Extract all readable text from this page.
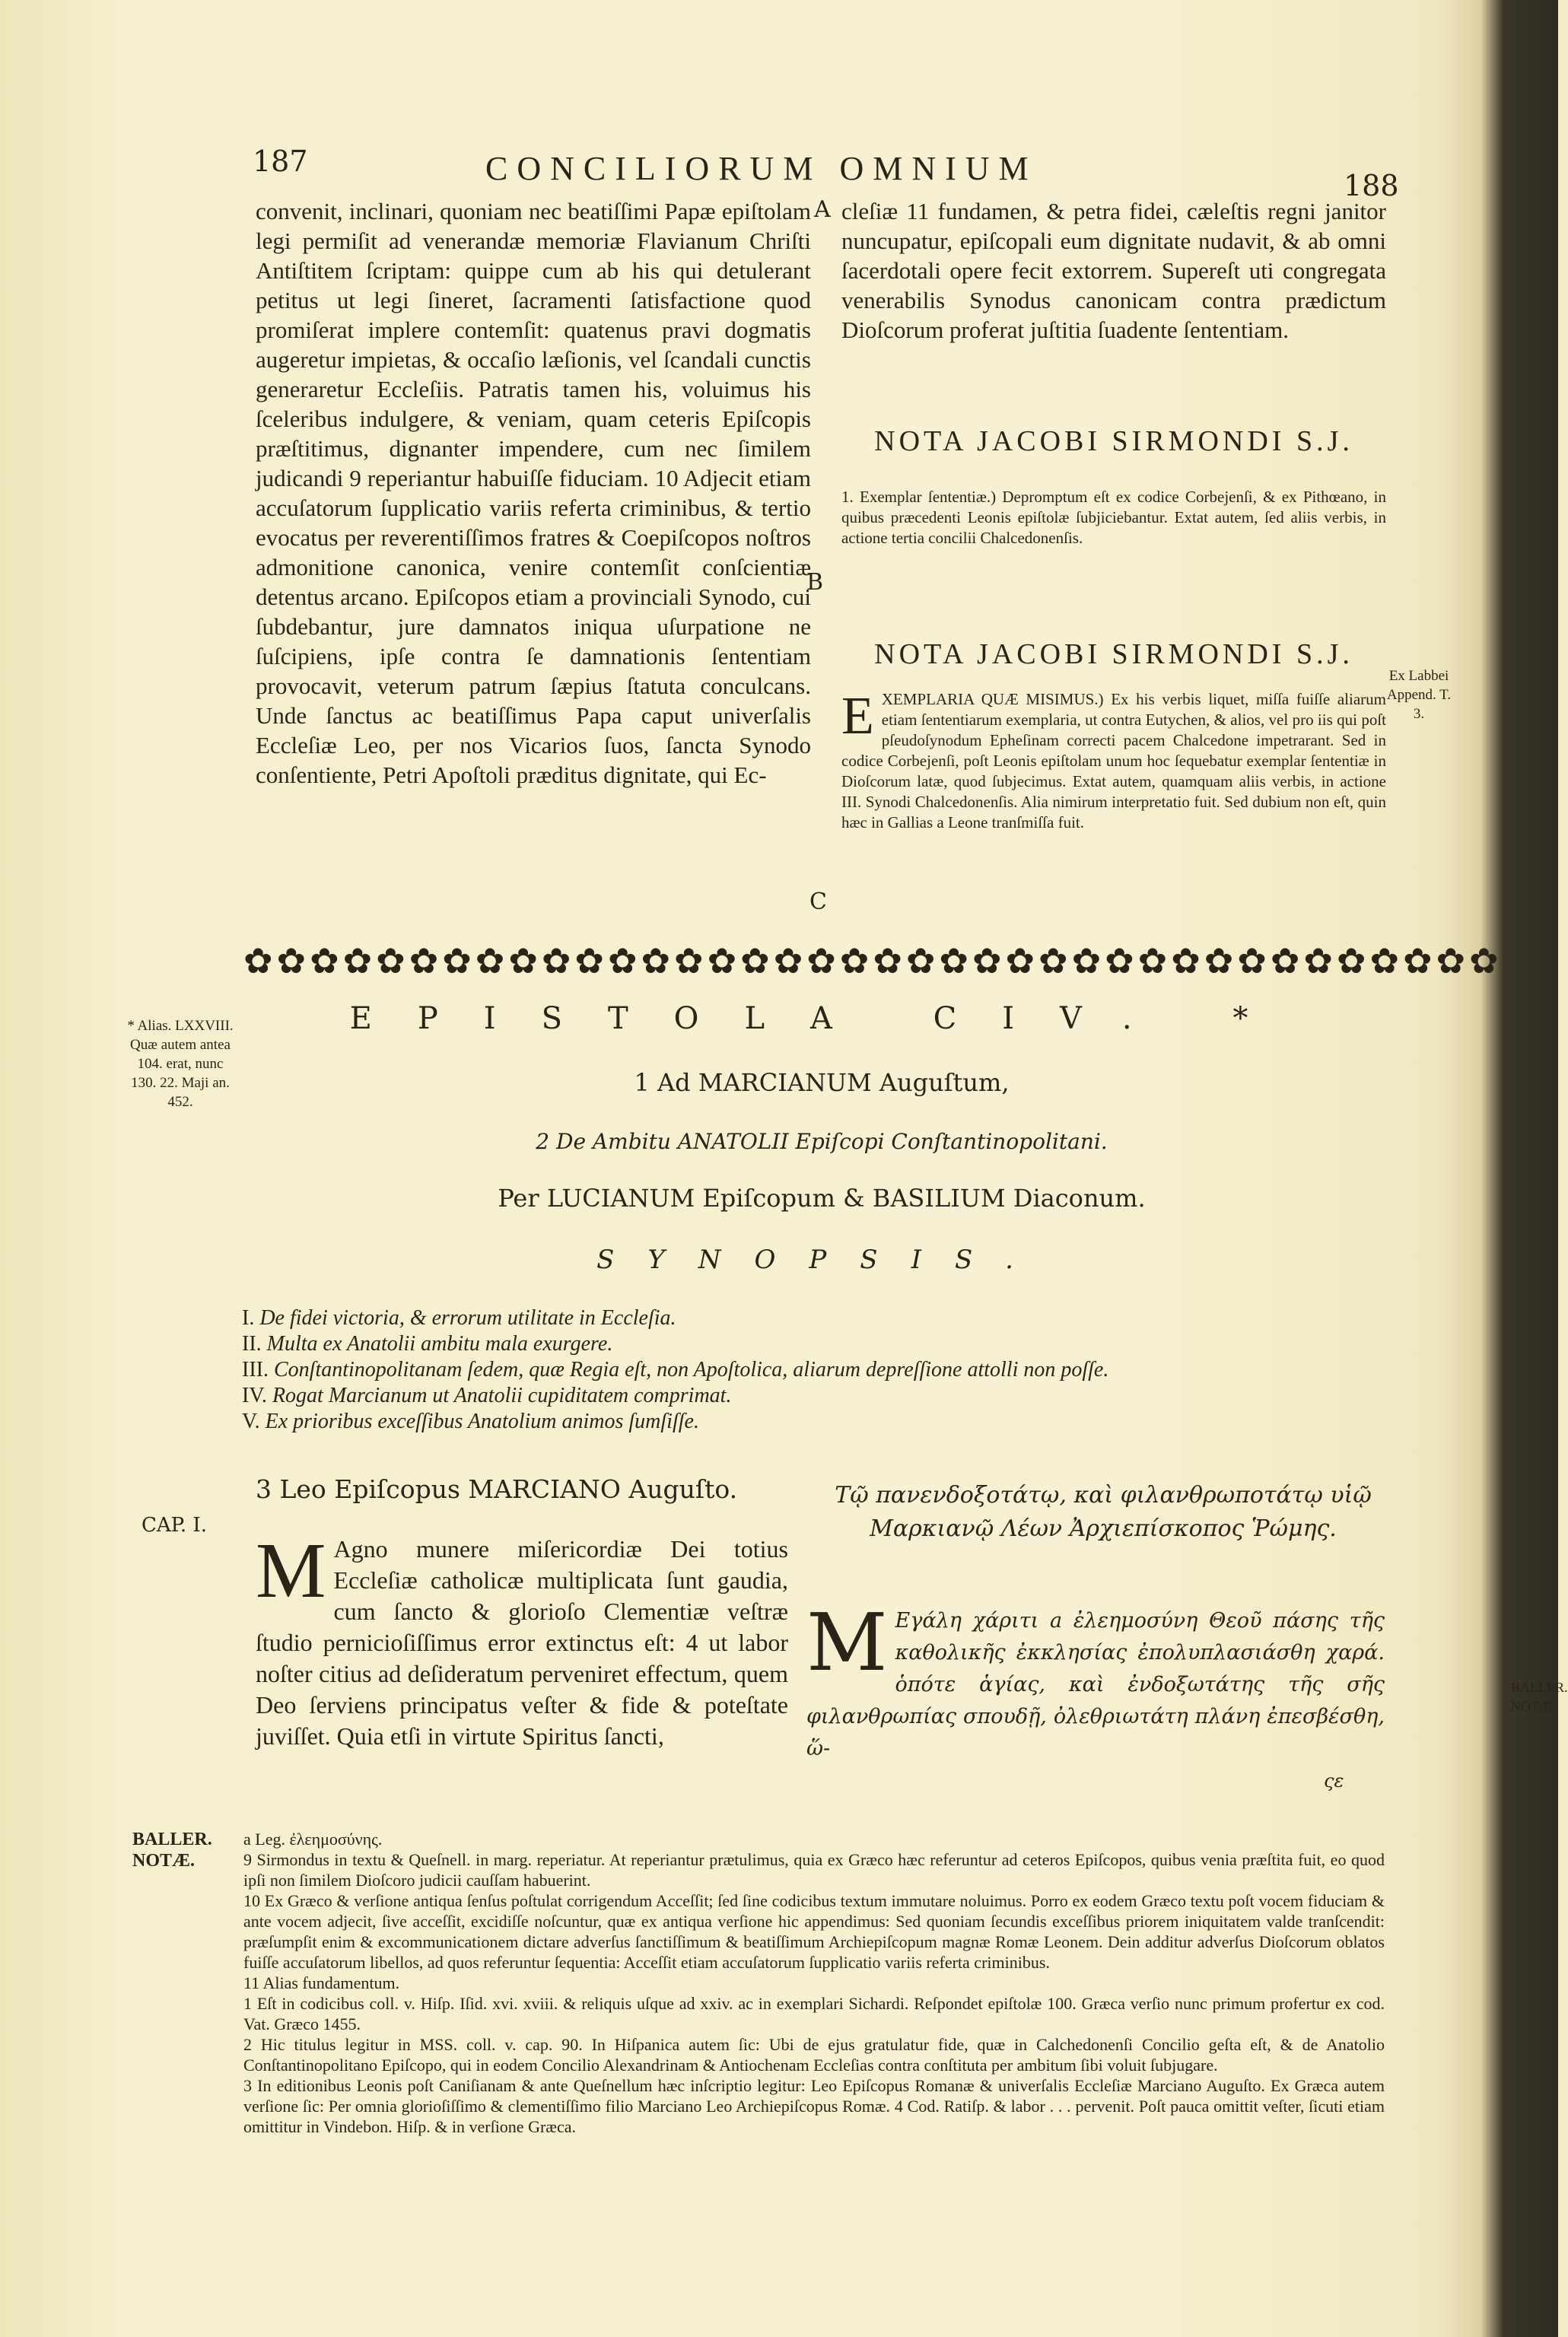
187	CONCILIORUM OMNIUM	188

convenit, inclinari, quoniam nec beatiſſimi Papæ epiſtolam legi permiſit ad venerandæ memoriæ Flavianum Chriſti Antiſtitem ſcriptam: quippe cum ab his qui detulerant petitus ut legi ſineret, ſacramenti ſatisfactione quod promiſerat implere contemſit: quatenus pravi dogmatis augeretur impietas, & occaſio læſionis, vel ſcandali cunctis generaretur Eccleſiis. Patratis tamen his, voluimus his ſceleribus indulgere, & veniam, quam ceteris Epiſcopis præſtitimus, dignanter impendere, cum nec ſimilem judicandi 9 reperiantur habuiſſe fiduciam. 10 Adjecit etiam accuſatorum ſupplicatio variis referta criminibus, & tertio evocatus per reverentiſſimos fratres & Coepiſcopos noſtros admonitione canonica, venire contemſit conſcientiæ detentus arcano. Epiſcopos etiam a provinciali Synodo, cui ſubdebantur, jure damnatos iniqua uſurpatione ne ſuſcipiens, ipſe contra ſe damnationis ſententiam provocavit, veterum patrum ſæpius ſtatuta conculcans. Unde ſanctus ac beatiſſimus Papa caput univerſalis Eccleſiæ Leo, per nos Vicarios ſuos, ſancta Synodo conſentiente, Petri Apoſtoli præditus dignitate, qui Ec-

A
B
C
cleſiæ 11 fundamen, & petra fidei, cæleſtis regni janitor nuncupatur, epiſcopali eum dignitate nudavit, & ab omni ſacerdotali opere fecit extorrem. Supereſt uti congregata venerabilis Synodus canonicam contra prædictum Dioſcorum proferat juſtitia ſuadente ſententiam.
NOTA JACOBI SIRMONDI S.J.
1. Exemplar ſententiæ.) Depromptum eſt ex codice Corbejenſi, & ex Pithœano, in quibus præcedenti Leonis epiſtolæ ſubjiciebantur. Extat autem, ſed aliis verbis, in actione tertia concilii Chalcedonenſis.
NOTA JACOBI SIRMONDI S.J.
E XEMPLARIA QUÆ MISIMUS.) Ex his verbis liquet, miſſa fuiſſe aliarum etiam ſententiarum exemplaria, ut contra Eutychen, & alios, vel pro iis qui poſt pſeudoſynodum Epheſinam correcti pacem Chalcedone impetrarant. Sed in codice Corbejenſi, poſt Leonis epiſtolam unum hoc ſequebatur exemplar ſententiæ in Dioſcorum latæ, quod ſubjecimus. Extat autem, quamquam aliis verbis, in actione III. Synodi Chalcedonenſis. Alia nimirum interpretatio fuit. Sed dubium non eſt, quin hæc in Gallias a Leone tranſmiſſa fuit.
Ex Labbei Append. T. 3.
✿✿✿✿✿✿✿✿✿✿✿✿✿✿✿✿✿✿✿✿✿✿✿✿✿✿✿✿✿✿✿✿✿✿✿✿✿✿
* Alias. LXXVIII. Quæ autem antea 104. erat, nunc 130. 22. Maji an. 452.
EPISTOLA CIV. *
1 Ad MARCIANUM Auguſtum,
2 De Ambitu ANATOLII Epiſcopi Conſtantinopolitani.
Per LUCIANUM Epiſcopum & BASILIUM Diaconum.
SYNOPSIS.
I. De fidei victoria, & errorum utilitate in Eccleſia.
II. Multa ex Anatolii ambitu mala exurgere.
III. Conſtantinopolitanam ſedem, quæ Regia eſt, non Apoſtolica, aliarum depreſſione attolli non poſſe.
IV. Rogat Marcianum ut Anatolii cupiditatem comprimat.
V. Ex prioribus exceſſibus Anatolium animos ſumſiſſe.
CAP. I.
3 Leo Epiſcopus MARCIANO Auguſto.
M Agno munere miſericordiæ Dei totius Eccleſiæ catholicæ multiplicata ſunt gaudia, cum ſancto & glorioſo Clementiæ veſtræ ſtudio pernicioſiſſimus error extinctus eſt: 4 ut labor noſter citius ad deſideratum perveniret effectum, quem Deo ſerviens principatus veſter & fide & poteſtate juviſſet. Quia etſi in virtute Spiritus ſancti,
Τῷ πανενδοξοτάτῳ, καὶ φιλανθρωποτάτῳ υἱῷ Μαρκιανῷ Λέων Ἀρχιεπίσκοπος Ῥώμης.
M Εγάλη χάριτι a ἐλεημοσύνη Θεοῦ πάσης τῆς καθολικῆς ἐκκλησίας ἐπολυπλασιάσθη χαρά. ὁπότε ἁγίας, καὶ ἐνδοξωτάτης τῆς σῆς φιλανθρωπίας σπουδῇ, ὀλεθριωτάτη πλάνη ἐπεσβέσθη, ὥ-
ςε
BALLER. NOTÆ.
BALLER. NOTÆ.

a Leg. ἐλεημοσύνης.

9 Sirmondus in textu & Queſnell. in marg. reperiatur. At reperiantur prætulimus, quia ex Græco hæc referuntur ad ceteros Epiſcopos, quibus venia præſtita fuit, eo quod ipſi non ſimilem Dioſcoro judicii cauſſam habuerint.

10 Ex Græco & verſione antiqua ſenſus poſtulat corrigendum Acceſſit; ſed ſine codicibus textum immutare noluimus. Porro ex eodem Græco textu poſt vocem fiduciam & ante vocem adjecit, ſive acceſſit, excidiſſe noſcuntur, quæ ex antiqua verſione hic appendimus: Sed quoniam ſecundis exceſſibus priorem iniquitatem valde tranſcendit: præſumpſit enim & excommunicationem dictare adverſus ſanctiſſimum & beatiſſimum Archiepiſcopum magnæ Romæ Leonem. Dein additur adverſus Dioſcorum oblatos fuiſſe accuſatorum libellos, ad quos referuntur ſequentia: Acceſſit etiam accuſatorum ſupplicatio variis referta criminibus.

11 Alias fundamentum.

1 Eſt in codicibus coll. v. Hiſp. Iſid. xvi. xviii. & reliquis uſque ad xxiv. ac in exemplari Sichardi. Reſpondet epiſtolæ 100. Græca verſio nunc primum profertur ex cod. Vat. Græco 1455.

2 Hic titulus legitur in MSS. coll. v. cap. 90. In Hiſpanica autem ſic: Ubi de ejus gratulatur fide, quæ in Calchedonenſi Concilio geſta eſt, & de Anatolio Conſtantinopolitano Epiſcopo, qui in eodem Concilio Alexandrinam & Antiochenam Eccleſias contra conſtituta per ambitum ſibi voluit ſubjugare.

3 In editionibus Leonis poſt Caniſianam & ante Queſnellum hæc inſcriptio legitur: Leo Epiſcopus Romanæ & univerſalis Eccleſiæ Marciano Auguſto. Ex Græca autem verſione ſic: Per omnia glorioſiſſimo & clementiſſimo filio Marciano Leo Archiepiſcopus Romæ. 4 Cod. Ratiſp. & labor . . . pervenit. Poſt pauca omittit veſter, ſicuti etiam omittitur in Vindebon. Hiſp. & in verſione Græca.
